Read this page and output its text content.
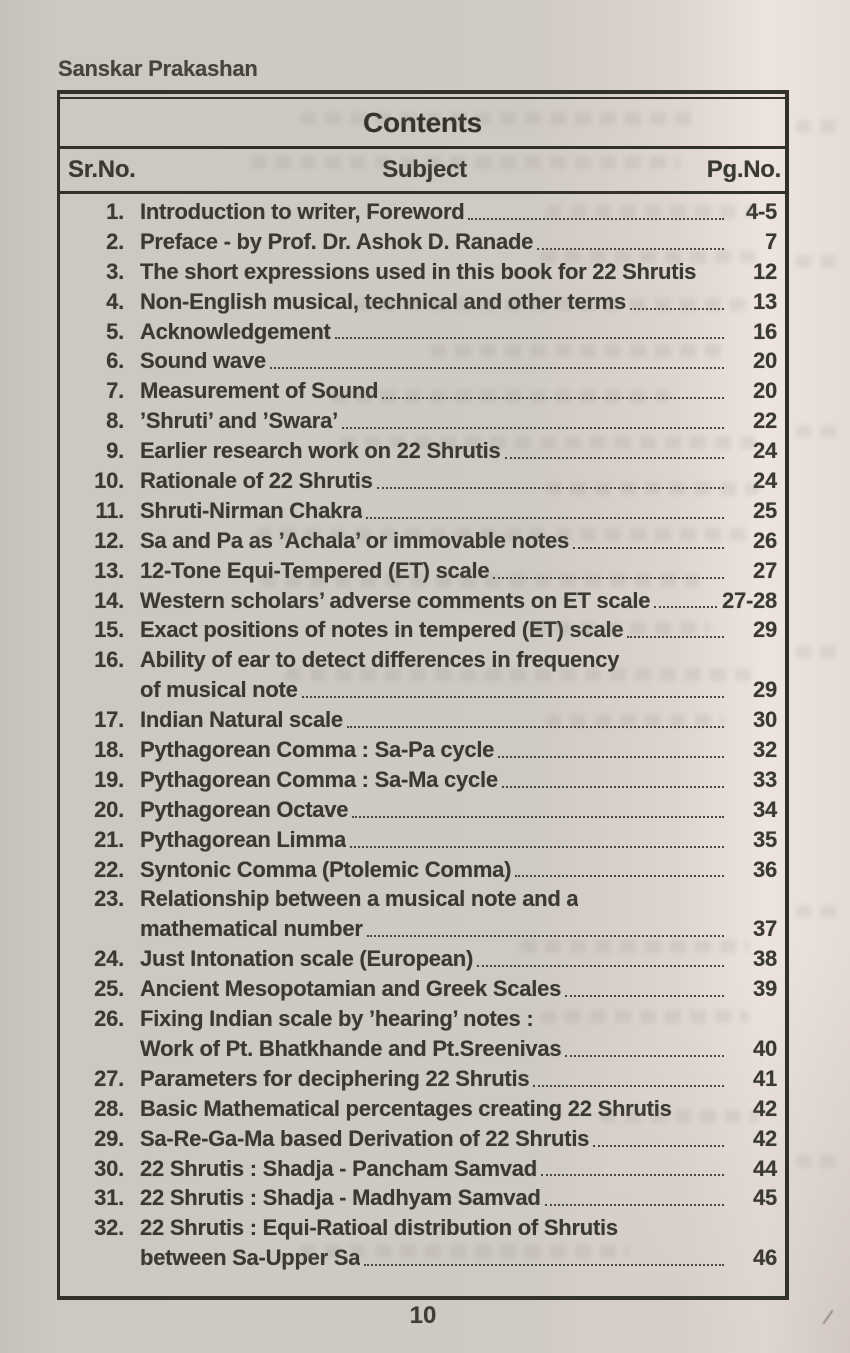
Sanskar Prakashan
Contents
Sr.No.	Subject	Pg.No.
1. Introduction to writer, Foreword	4-5
2. Preface - by Prof. Dr. Ashok D. Ranade	7
3. The short expressions used in this book for 22 Shrutis	12
4. Non-English musical, technical and other terms	13
5. Acknowledgement	16
6. Sound wave	20
7. Measurement of Sound	20
8. ’Shruti’ and ’Swara’	22
9. Earlier research work on 22 Shrutis	24
10. Rationale of 22 Shrutis	24
11. Shruti-Nirman Chakra	25
12. Sa and Pa as ’Achala’ or immovable notes	26
13. 12-Tone Equi-Tempered (ET) scale	27
14. Western scholars’ adverse comments on ET scale	27-28
15. Exact positions of notes in tempered (ET) scale	29
16. Ability of ear to detect differences in frequency
of musical note	29
17. Indian Natural scale	30
18. Pythagorean Comma : Sa-Pa cycle	32
19. Pythagorean Comma : Sa-Ma cycle	33
20. Pythagorean Octave	34
21. Pythagorean Limma	35
22. Syntonic Comma (Ptolemic Comma)	36
23. Relationship between a musical note and a
mathematical number	37
24. Just Intonation scale (European)	38
25. Ancient Mesopotamian and Greek Scales	39
26. Fixing Indian scale by ’hearing’ notes :
Work of Pt. Bhatkhande and Pt.Sreenivas	40
27. Parameters for deciphering 22 Shrutis	41
28. Basic Mathematical percentages creating 22 Shrutis	42
29. Sa-Re-Ga-Ma based Derivation of 22 Shrutis	42
30. 22 Shrutis : Shadja - Pancham Samvad	44
31. 22 Shrutis : Shadja - Madhyam Samvad	45
32. 22 Shrutis : Equi-Ratioal distribution of Shrutis
between Sa-Upper Sa	46
10
